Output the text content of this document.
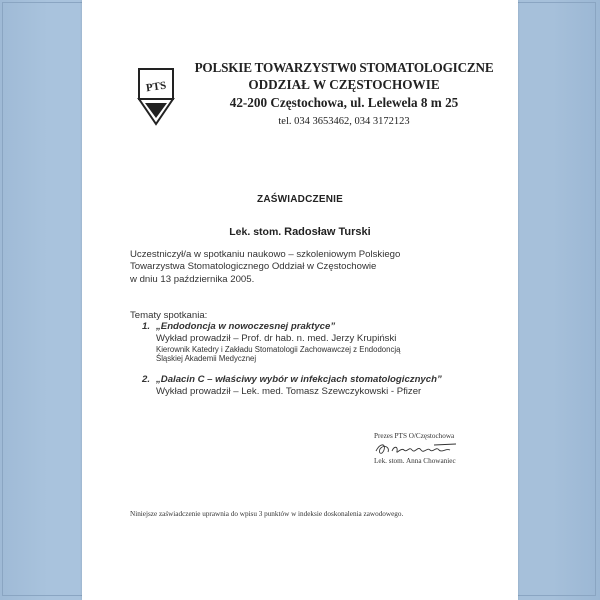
PTS
POLSKIE TOWARZYSTW0 STOMATOLOGICZNE
ODDZIAŁ W CZĘSTOCHOWIE
42-200 Częstochowa, ul. Lelewela 8 m 25
tel. 034 3653462, 034 3172123
ZAŚWIADCZENIE
Lek. stom. Radosław Turski
Uczestniczył/a w spotkaniu naukowo – szkoleniowym Polskiego
Towarzystwa Stomatologicznego Oddział w Częstochowie
w dniu 13 października 2005.
Tematy spotkania:
1. „Endodoncja w nowoczesnej praktyce”
Wykład prowadził – Prof. dr hab. n. med. Jerzy Krupiński
Kierownik Katedry i Zakładu Stomatologii Zachowawczej z Endodoncją
Śląskiej Akademii Medycznej
2. „Dalacin C – właściwy wybór w infekcjach stomatologicznych”
Wykład prowadził – Lek. med. Tomasz Szewczykowski - Pfizer
Prezes PTS O/Częstochowa
Lek. stom. Anna Chowaniec
Niniejsze zaświadczenie uprawnia do wpisu 3 punktów w indeksie doskonalenia zawodowego.
